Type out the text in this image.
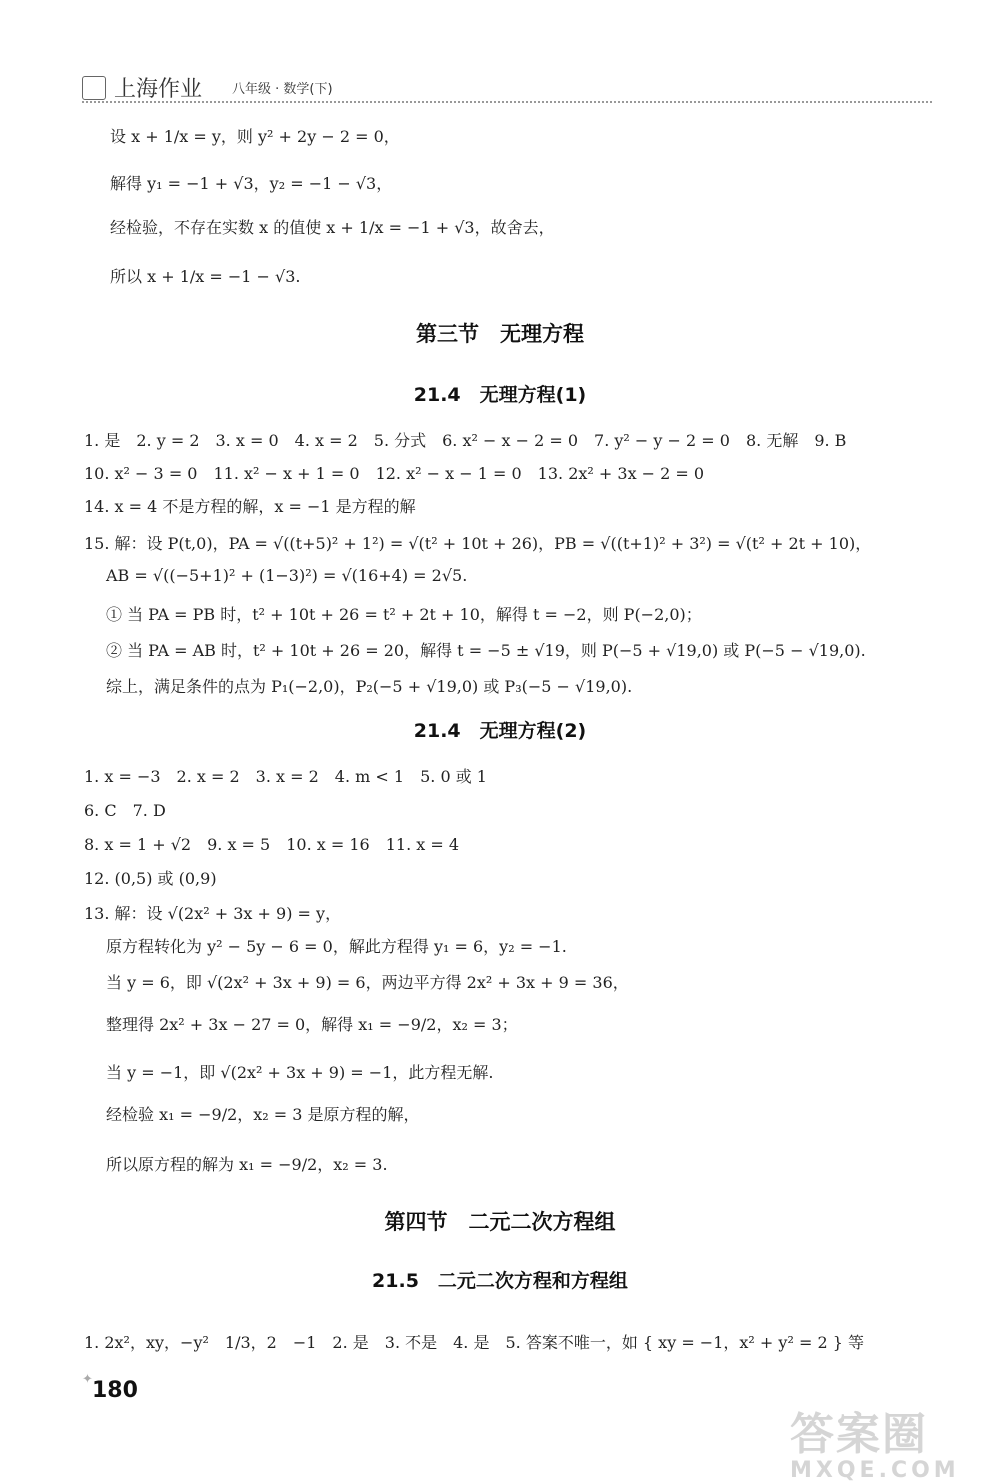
上海作业 八年级 · 数学(下)
设 x + 1/x = y，则 y² + 2y − 2 = 0，
解得 y₁ = −1 + √3，y₂ = −1 − √3，
经检验，不存在实数 x 的值使 x + 1/x = −1 + √3，故舍去，
所以 x + 1/x = −1 − √3.
第三节　无理方程
21.4　无理方程(1)
1. 是　2. y = 2　3. x = 0　4. x = 2　5. 分式　6. x² − x − 2 = 0　7. y² − y − 2 = 0　8. 无解　9. B
10. x² − 3 = 0　11. x² − x + 1 = 0　12. x² − x − 1 = 0　13. 2x² + 3x − 2 = 0
14. x = 4 不是方程的解，x = −1 是方程的解
15. 解：设 P(t,0)，PA = √((t+5)² + 1²) = √(t² + 10t + 26)，PB = √((t+1)² + 3²) = √(t² + 2t + 10)，
AB = √((−5+1)² + (1−3)²) = √(16+4) = 2√5.
① 当 PA = PB 时，t² + 10t + 26 = t² + 2t + 10，解得 t = −2，则 P(−2,0)；
② 当 PA = AB 时，t² + 10t + 26 = 20，解得 t = −5 ± √19，则 P(−5 + √19,0) 或 P(−5 − √19,0).
综上，满足条件的点为 P₁(−2,0)，P₂(−5 + √19,0) 或 P₃(−5 − √19,0).
21.4　无理方程(2)
1. x = −3　2. x = 2　3. x = 2　4. m < 1　5. 0 或 1
6. C　7. D
8. x = 1 + √2　9. x = 5　10. x = 16　11. x = 4
12. (0,5) 或 (0,9)
13. 解：设 √(2x² + 3x + 9) = y，
原方程转化为 y² − 5y − 6 = 0，解此方程得 y₁ = 6，y₂ = −1.
当 y = 6，即 √(2x² + 3x + 9) = 6，两边平方得 2x² + 3x + 9 = 36，
整理得 2x² + 3x − 27 = 0，解得 x₁ = −9/2，x₂ = 3；
当 y = −1，即 √(2x² + 3x + 9) = −1，此方程无解.
经检验 x₁ = −9/2，x₂ = 3 是原方程的解，
所以原方程的解为 x₁ = −9/2，x₂ = 3.
第四节　二元二次方程组
21.5　二元二次方程和方程组
1. 2x²，xy，−y²　1/3，2　−1　2. 是　3. 不是　4. 是　5. 答案不唯一，如 { xy = −1，x² + y² = 2 } 等
✦ 180
答案圈
MXQE.COM
